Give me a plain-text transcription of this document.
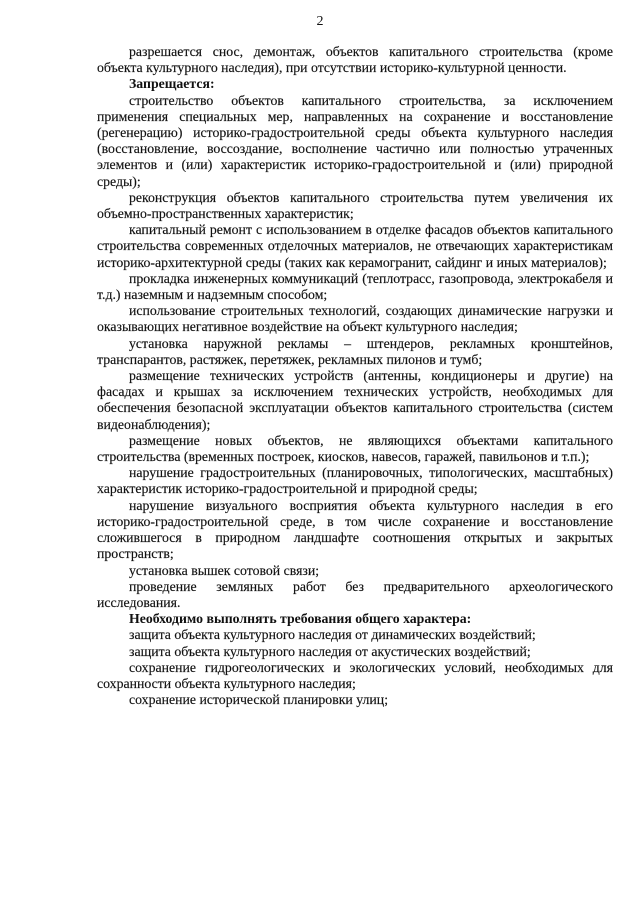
2

разрешается снос, демонтаж, объектов капитального строительства (кроме объекта культурного наследия), при отсутствии историко-культурной ценности.

Запрещается:

строительство объектов капитального строительства, за исключением применения специальных мер, направленных на сохранение и восстановление (регенерацию) историко-градостроительной среды объекта культурного наследия (восстановление, воссоздание, восполнение частично или полностью утраченных элементов и (или) характеристик историко-градостроительной и (или) природной среды);

реконструкция объектов капитального строительства путем увеличения их объемно-пространственных характеристик;

капитальный ремонт с использованием в отделке фасадов объектов капитального строительства современных отделочных материалов, не отвечающих характеристикам историко-архитектурной среды (таких как керамогранит, сайдинг и иных материалов);

прокладка инженерных коммуникаций (теплотрасс, газопровода, электрокабеля и т.д.) наземным и надземным способом;

использование строительных технологий, создающих динамические нагрузки и оказывающих негативное воздействие на объект культурного наследия;

установка наружной рекламы – штендеров, рекламных кронштейнов, транспарантов, растяжек, перетяжек, рекламных пилонов и тумб;

размещение технических устройств (антенны, кондиционеры и другие) на фасадах и крышах за исключением технических устройств, необходимых для обеспечения безопасной эксплуатации объектов капитального строительства (систем видеонаблюдения);

размещение новых объектов, не являющихся объектами капитального строительства (временных построек, киосков, навесов, гаражей, павильонов и т.п.);

нарушение градостроительных (планировочных, типологических, масштабных) характеристик историко-градостроительной и природной среды;

нарушение визуального восприятия объекта культурного наследия в его историко-градостроительной среде, в том числе сохранение и восстановление сложившегося в природном ландшафте соотношения открытых и закрытых пространств;

установка вышек сотовой связи;

проведение земляных работ без предварительного археологического исследования.

Необходимо выполнять требования общего характера:

защита объекта культурного наследия от динамических воздействий;

защита объекта культурного наследия от акустических воздействий;

сохранение гидрогеологических и экологических условий, необходимых для сохранности объекта культурного наследия;

сохранение исторической планировки улиц;
